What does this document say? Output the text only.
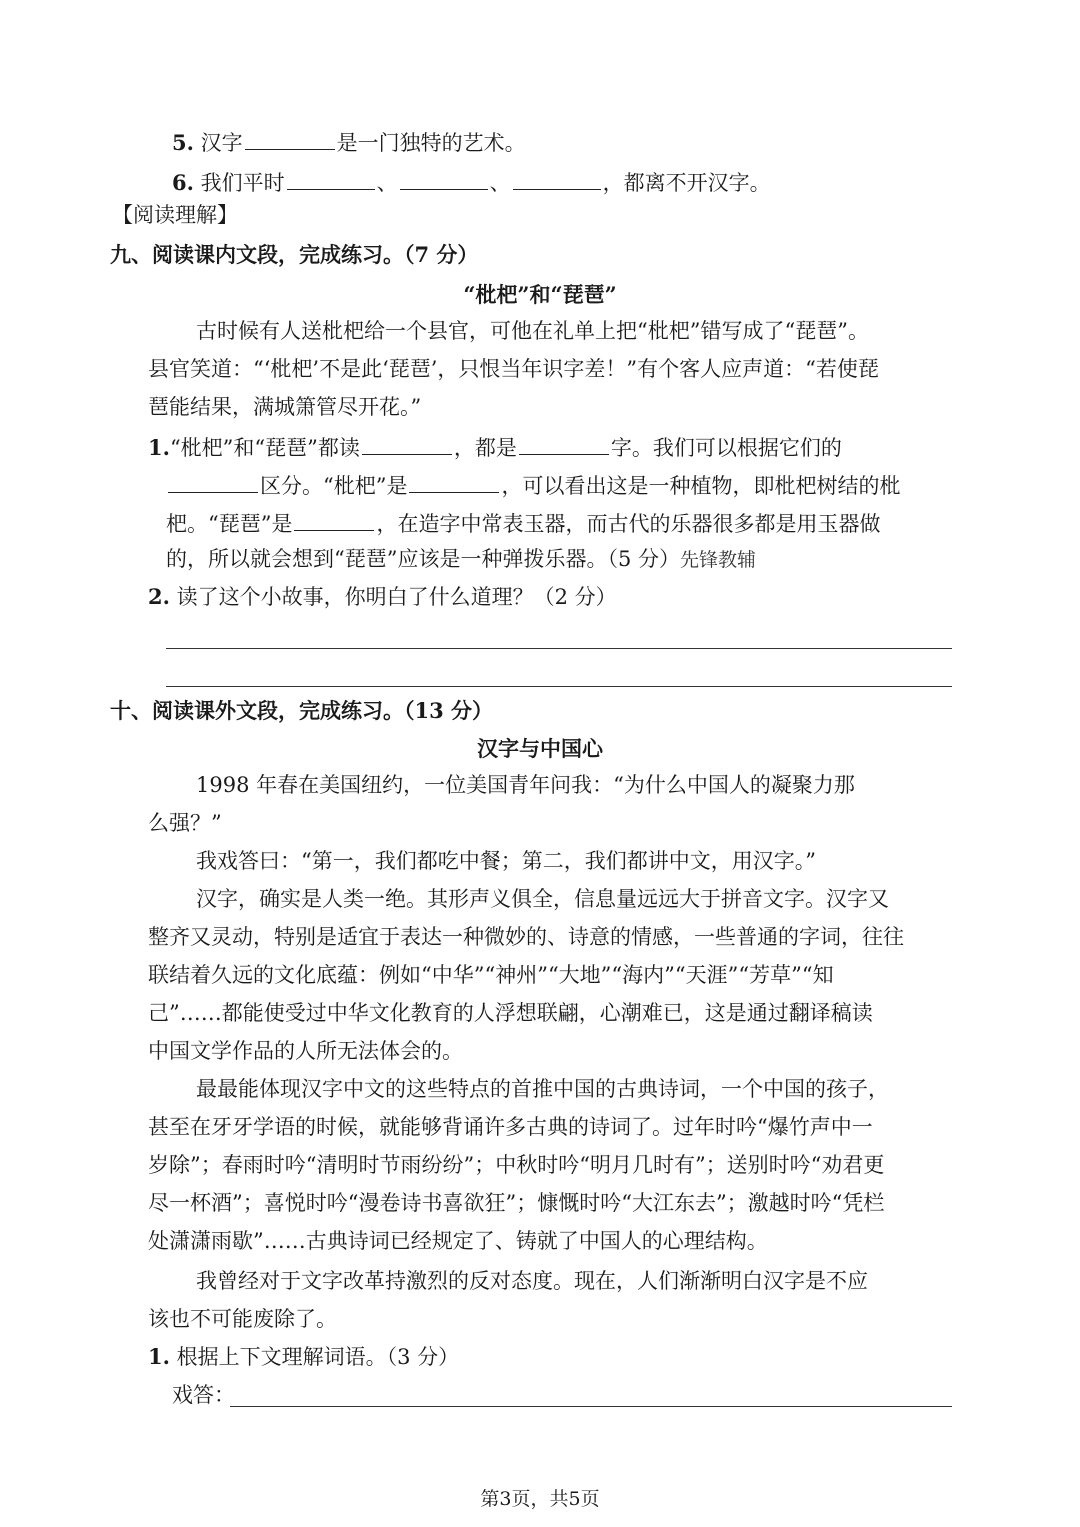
5. 汉字	是一门独特的艺术。
6. 我们平时	、	、	，都离不开汉字。
【阅读理解】
九、阅读课内文段，完成练习。（7 分）
“枇杷”和“琵琶”
古时候有人送枇杷给一个县官，可他在礼单上把“枇杷”错写成了“琵琶”。
县官笑道：“‘枇杷’不是此‘琵琶’，只恨当年识字差！”有个客人应声道：“若使琵
琶能结果，满城箫管尽开花。”
1.“枇杷”和“琵琶”都读	，都是	字。我们可以根据它们的
区分。“枇杷”是	，可以看出这是一种植物，即枇杷树结的枇
杷。“琵琶”是	，在造字中常表玉器，而古代的乐器很多都是用玉器做
的，所以就会想到“琵琶”应该是一种弹拨乐器。（5 分）先锋教辅
2. 读了这个小故事，你明白了什么道理？（2 分）
十、阅读课外文段，完成练习。（13 分）
汉字与中国心
1998 年春在美国纽约，一位美国青年问我：“为什么中国人的凝聚力那
么强？”
我戏答曰：“第一，我们都吃中餐；第二，我们都讲中文，用汉字。”
汉字，确实是人类一绝。其形声义俱全，信息量远远大于拼音文字。汉字又
整齐又灵动，特别是适宜于表达一种微妙的、诗意的情感，一些普通的字词，往往
联结着久远的文化底蕴：例如“中华”“神州”“大地”“海内”“天涯”“芳草”“知
己”……都能使受过中华文化教育的人浮想联翩，心潮难已，这是通过翻译稿读
中国文学作品的人所无法体会的。
最最能体现汉字中文的这些特点的首推中国的古典诗词，一个中国的孩子，
甚至在牙牙学语的时候，就能够背诵许多古典的诗词了。过年时吟“爆竹声中一
岁除”；春雨时吟“清明时节雨纷纷”；中秋时吟“明月几时有”；送别时吟“劝君更
尽一杯酒”；喜悦时吟“漫卷诗书喜欲狂”；慷慨时吟“大江东去”；激越时吟“凭栏
处潇潇雨歇”……古典诗词已经规定了、铸就了中国人的心理结构。
我曾经对于文字改革持激烈的反对态度。现在，人们渐渐明白汉字是不应
该也不可能废除了。
1. 根据上下文理解词语。（3 分）
戏答：
第3页，共5页
